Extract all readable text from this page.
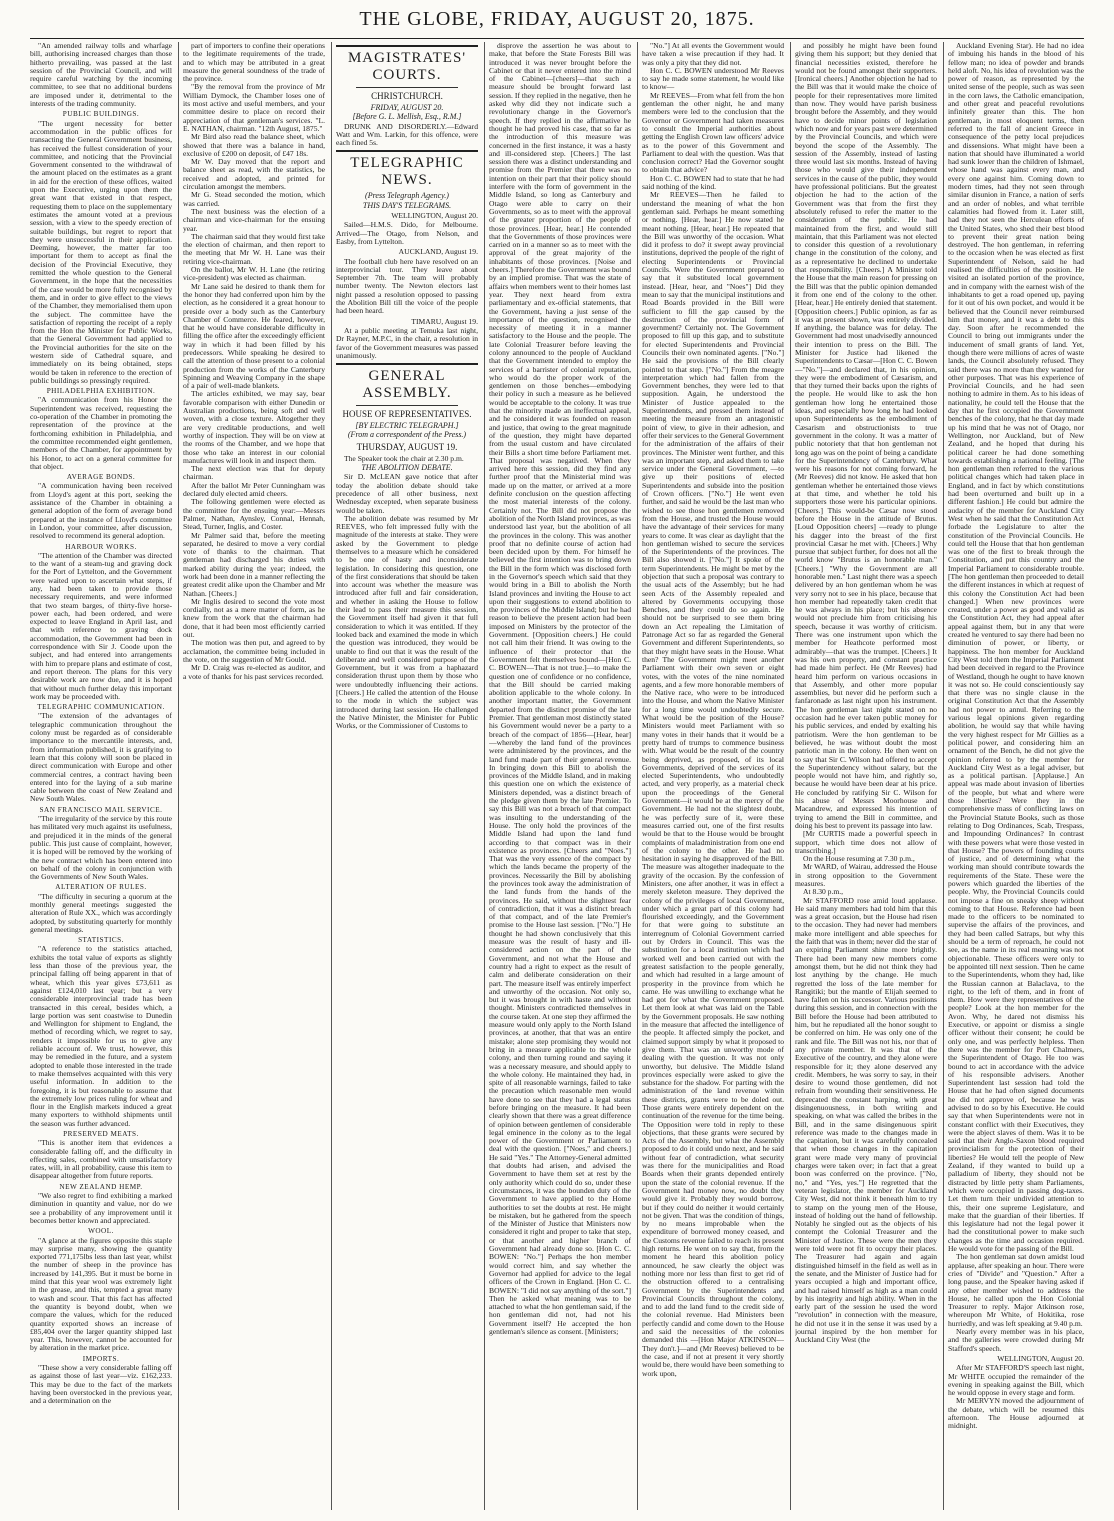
THE GLOBE, FRIDAY, AUGUST 20, 1875.

"An amended railway tolls and wharfage bill, authorising increased charges than those hitherto prevailing, was passed at the last session of the Provincial Council, and will require careful watching by the incoming committee, to see that no additional burdens are imposed under it, detrimental to the interests of the trading community.

PUBLIC BUILDINGS.

"The urgent necessity for better accommodation in the public offices for transacting the General Government business, has received the fullest consideration of your committee, and noticing that the Provincial Government consented to the withdrawal of the amount placed on the estimates as a grant in aid for the erection of these offices, waited upon the Executive, urging upon them the great want that existed in that respect, requesting them to place on the supplementary estimates the amount voted at a previous session, with a view to the speedy erection of suitable buildings, but regret to report that they were unsuccessful in their application. Deeming, however, the matter far too important for them to accept as final the decision of the Provincial Executive, they remitted the whole question to the General Government, in the hope that the necessities of the case would be more fully recognised by them, and in order to give effect to the views of the Chamber, they memorialised them upon the subject. The committee have the satisfaction of reporting the receipt of a reply from the Hon the Minister for Public Works, that the General Government had applied to the Provincial authorities for the site on the western side of Cathedral square, and immediately on its being obtained, steps would be taken in reference to the erection of public buildings so pressingly required.

PHILADELPHIA EXHIBITION.

"A communication from his Honor the Superintendent was received, requesting the co-operation of the Chamber in promoting the representation of the province at the forthcoming exhibition in Philadelphia, and the committee recommended eight gentlemen, members of the Chamber, for appointment by his Honor, to act on a general committee for that object.

AVERAGE BONDS.

"A communication having been received from Lloyd's agent at this port, seeking the assistance of the Chamber in obtaining a general adoption of the form of average bond prepared at the instance of Lloyd's committee in London, your committee, after discussion, resolved to recommend its general adoption.

HARBOUR WORKS.

"The attention of the Chamber was directed to the want of a steam-tug and graving dock for the Port of Lyttelton, and the Government were waited upon to ascertain what steps, if any, had been taken to provide those necessary requirements, and were informed that two steam barges, of thirty-five horse-power each, had been ordered, and were expected to leave England in April last, and that with reference to graving dock accommodation, the Government had been in correspondence with Sir J. Coode upon the subject, and had entered into arrangements with him to prepare plans and estimate of cost, and report thereon. The plans for this very desirable work are now due, and it is hoped that without much further delay this important work may be proceeded with.

TELEGRAPHIC COMMUNICATION.

"The extension of the advantages of telegraphic communication throughout the colony must be regarded as of considerable importance to the mercantile interests, and, from information published, it is gratifying to learn that this colony will soon be placed in direct communication with Europe and other commercial centres, a contract having been entered into for the laying of a sub marine cable between the coast of New Zealand and New South Wales.

SAN FRANCISCO MAIL SERVICE.

"The irregularity of the service by this route has militated very much against its usefulness, and prejudiced it in the minds of the general public. This just cause of complaint, however, it is hoped will be removed by the working of the new contract which has been entered into on behalf of the colony in conjunction with the Governments of New South Wales.

ALTERATION OF RULES.

"The difficulty in securing a quorum at the monthly general meetings suggested the alteration of Rule XX., which was accordingly adopted, by substituting quarterly for monthly general meetings.

STATISTICS.

"A reference to the statistics attached, exhibits the total value of exports as slightly less than those of the previous year, the principal falling off being apparent in that of wheat, which this year gives £73,611 as against £124,010 last year; but a very considerable interprovincial trade has been transacted in this cereal, besides which, a large portion was sent coastwise to Dunedin and Wellington for shipment to England, the method of recording which, we regret to say, renders it impossible for us to give any reliable account of. We trust, however, this may be remedied in the future, and a system adopted to enable those interested in the trade to make themselves acquainted with this very useful information. In addition to the foregoing, it is but reasonable to assume that the extremely low prices ruling for wheat and flour in the English markets induced a great many exporters to withhold shipments until the season was further advanced.

PRESERVED MEATS.

"This is another item that evidences a considerable falling off, and the difficulty in effecting sales, combined with unsatisfactory rates, will, in all probability, cause this item to disappear altogether from future reports.

NEW ZEALAND HEMP.

"We also regret to find exhibiting a marked diminution in quantity and value, nor do we see a probability of any improvement until it becomes better known and appreciated.

WOOL.

"A glance at the figures opposite this staple may surprise many, showing the quantity exported 771,175lbs less than last year, whilst the number of sheep in the province has increased by 141,395. But it must be borne in mind that this year wool was extremely light in the grease, and this, tempted a great many to wash and scour. That this fact has affected the quantity is beyond doubt, when we compare the values, which for the reduced quantity exported shows an increase of £85,404 over the larger quantity shipped last year. This, however, cannot be accounted for by alteration in the market price.

IMPORTS.

"These show a very considerable falling off as against those of last year—viz. £162,233. This may be due to the fact of the markets having been overstocked in the previous year, and a determination on the

part of importers to confine their operations to the legitimate requirements of the trade, and to which may be attributed in a great measure the general soundness of the trade of the province.

"By the removal from the province of Mr William Dymock, the Chamber loses one of its most active and useful members, and your committee desire to place on record their appreciation of that gentleman's services. "L. E. NATHAN, chairman. "12th August, 1875."

Mr Bird also read the balance sheet, which showed that there was a balance in hand, exclusive of £200 on deposit, of £47 18s.

Mr W. Day moved that the report and balance sheet as read, with the statistics, be received and adopted, and printed for circulation amongst the members.

Mr G. Stead seconded the motion, which was carried.

The next business was the election of a chairman and vice-chairman for the ensuing year.

The chairman said that they would first take the election of chairman, and then report to the meeting that Mr W. H. Lane was their retiring vice-chairman.

On the ballot, Mr W. H. Lane (the retiring vice-president) was elected as chairman.

Mr Lane said he desired to thank them for the honor they had conferred upon him by the election, as he considered it a great honour to preside over a body such as the Canterbury Chamber of Commerce. He feared, however, that he would have considerable difficulty in filling the office after the exceedingly efficient way in which it had been filled by his predecessors. While speaking he desired to call the attention of those present to a colonial production from the works of the Canterbury Spinning and Weaving Company in the shape of a pair of well-made blankets.

The articles exhibited, we may say, bear favorable comparison with either Dunedin or Australian productions, being soft and well woven, with a close texture. Altogether they are very creditable productions, and well worthy of inspection. They will be on view at the rooms of the Chamber, and we hope that those who take an interest in our colonial manufactures will look in and inspect them.

The next election was that for deputy chairman.

After the ballot Mr Peter Cunningham was declared duly elected amid cheers.

The following gentlemen were elected as the committee for the ensuing year:—Messrs Palmer, Nathan, Aynsley, Connal, Hennah, Stead, Turner, Inglis, and Coster.

Mr Palmer said that, before the meeting separated, he desired to move a very cordial vote of thanks to the chairman. That gentleman had discharged his duties with marked ability during the year; indeed, the work had been done in a manner reflecting the greatest credit alike upon the Chamber and Mr Nathan. [Cheers.]

Mr Inglis desired to second the vote most cordially, not as a mere matter of form, as he knew from the work that the chairman had done, that it had been most efficiently carried out.

The motion was then put, and agreed to by acclamation, the committee being included in the vote, on the suggestion of Mr Gould.

Mr D. Craig was re-elected as auditor, and a vote of thanks for his past services recorded.

MAGISTRATES' COURTS.
CHRISTCHURCH.
FRIDAY, AUGUST 20.
[Before G. L. Mellish, Esq., R.M.]

DRUNK AND DISORDERLY.—Edward Watt and Wm. Larkin, for this offence, were each fined 5s.

TELEGRAPHIC NEWS.
(Press Telegraph Agency.)
THIS DAY'S TELEGRAMS.
WELLINGTON, August 20.

Sailed—H.M.S. Dido, for Melbourne. Arrived—The Otago, from Nelson, and Easby, from Lyttelton.

AUCKLAND, August 19.

The football club here have resolved on an interprovincial tour. They leave about September 7th. The team will probably number twenty. The Newton electors last night passed a resolution opposed to passing the Abolition Bill till the voice of the people had been heard.

TIMARU, August 19.

At a public meeting at Temuka last night, Dr Rayner, M.P.C, in the chair, a resolution in favor of the Government measures was passed unanimously.

GENERAL ASSEMBLY.
HOUSE OF REPRESENTATIVES.
[BY ELECTRIC TELEGRAPH.]
(From a correspondent of the Press.)
THURSDAY, AUGUST 19.

The Speaker took the chair at 2.30 p.m.

THE ABOLITION DEBATE.

Sir D. McLEAN gave notice that after today the abolition debate should take precedence of all other business, next Wednesday excepted, when separate business would be taken.

The abolition debate was resumed by Mr REEVES, who felt impressed fully with the magnitude of the interests at stake. They were asked by the Government to pledge themselves to a measure which he considered to be one of hasty and inconsiderate legislation. In considering this question, one of the first considerations that should be taken into account was whether the measure was introduced after full and fair consideration, and whether in asking the House to follow their lead to pass their measure this session, the Government itself had given it that full consideration to which it was entitled. If they looked back and examined the mode in which the question was introduced, they would be unable to find out that it was the result of the deliberate and well considered purpose of the Government, but it was from a haphazard consideration thrust upon them by those who were undoubtedly influencing their actions. [Cheers.] He called the attention of the House to the mode in which the subject was introduced during last session. He challenged the Native Minister, the Minister for Public Works, or the Commissioner of Customs to

disprove the assertion he was about to make, that before the State Forests Bill was introduced it was never brought before the Cabinet or that it never entered into the mind of the Cabinet—[cheers]—that such a measure should be brought forward last session. If they replied in the negative, then he asked why did they not indicate such a revolutionary change in the Governor's speech. If they replied in the affirmative he thought he had proved his case, that so far as the introduction of this measure was concerned in the first instance, it was a hasty and ill-considered step. [Cheers.] The last session there was a distinct understanding and promise from the Premier that there was no intention on their part that their policy should interfere with the form of government in the Middle Island, so long as Canterbury and Otago were able to carry on their Governments, so as to meet with the approval of the greater proportion of the people of those provinces. [Hear, hear.] He contended that the Governments of those provinces were carried on in a manner so as to meet with the approval of the great majority of the inhabitants of those provinces. [Noise and cheers.] Therefore the Government was bound by an implied promise. That was the state of affairs when members went to their homes last year. They next heard from extra parliamentary and ex-official statements, that the Government, having a just sense of the importance of the question, recognised the necessity of meeting it in a manner satisfactory to the House and the people. The late Colonial Treasurer before leaving the colony announced to the people of Auckland that the Government intended to employ the services of a barrister of colonial reputation, who would do the proper work of the gentlemen on those benches—embodying their policy in such a measure as he believed would be acceptable to the colony. It was true that the minority made an ineffectual appeal, and he considered it was founded on reason and justice, that owing to the great magnitude of the question, they might have departed from the usual custom and have circulated their Bills a short time before Parliament met. That proposal was negatived. When they arrived here this session, did they find any further proof that the Ministerial mind was made up on the matter, or arrived at a more definite conclusion on the question affecting the most material interests of the colony. Certainly not. The Bill did not propose the abolition of the North Island provinces, as was understood last year, but the abolition of all the provinces in the colony. This was another proof that no definite course of action had been decided upon by them. For himself he believed the first intention was to bring down the Bill in the form which was disclosed forth in the Governor's speech which said that they would bring in a Bill to abolish the North Island provinces and inviting the House to act upon their suggestions to extend abolition to the provinces of the Middle Island; but he had reason to believe the present action had been imposed on Ministers by the protector of the Government. [Opposition cheers.] He could not call him their friend. It was owing to the influence of their protector that the Government felt themselves bound—[Hon C. C. BOWEN—That is not true.]—to make the question one of confidence or no confidence, that the Bill should be carried making abolition applicable to the whole colony. In another important matter, the Government departed from the distinct promise of the late Premier. That gentleman most distinctly stated his Government would never be a party to a breach of the compact of 1856—[Hear, hear]—whereby the land fund of the provinces were administered by the provinces, and the land fund made part of their general revenue. In bringing down this Bill to abolish the provinces of the Middle Island, and in making this question one on which the existence of Ministers depended, was a distinct breach of the pledge given them by the late Premier. To say this Bill was not a breach of that compact was insulting to the understanding of the House. The only hold the provinces of the Middle Island had upon the land fund according to that compact was in their existence as provinces. [Cheers and "Noes."] That was the very essence of the compact by which the lands became the property of the provinces. Necessarily the Bill by abolishing the provinces took away the administration of the land funds from the hands of the provinces. He said, without the slightest fear of contradiction, that it was a distinct breach of that compact, and of the late Premier's promise to the House last session. ["No."] He thought he had shown conclusively that this measure was the result of hasty and ill-considered action on the part of the Government, and not what the House and country had a right to expect as the result of calm and deliberate consideration on their part. The measure itself was entirely imperfect and unworthy of the occasion. Not only so, but it was brought in with haste and without thought. Ministers contradicted themselves in the course taken. At one step they affirmed the measure would only apply to the North Island provinces, at another, that that was an entire mistake; alone step promising they would not bring in a measure applicable to the whole colony, and then turning round and saying it was a necessary measure, and should apply to the whole colony. He maintained they had, in spite of all reasonable warnings, failed to take the precaution which reasonable men would have done to see that they had a legal status before bringing on the measure. It had been clearly shown that there was a great difference of opinion between gentlemen of considerable legal eminence in the colony as to the legal power of the Government or Parliament to deal with the question. ["Noes," and cheers.] He said "Yes." The Attorney-General admitted that doubts had arisen, and advised the Government to have them set at rest by the only authority which could do so, under these circumstances, it was the bounden duty of the Government to have applied to the Home authorities to set the doubts at rest. He might be mistaken, but he gathered from the speech of the Minister of Justice that Ministers now considered it right and proper to take that step, or that another and higher branch of Government had already done so. [Hon C. C. BOWEN: "No."] Perhaps the hon member would correct him, and say whether the Governor had applied for advice to the legal officers of the Crown in England. [Hon C. C. BOWEN: "I did not say anything of the sort."] Then he asked what meaning was to be attached to what the hon gentleman said, if the hon gentleman did not, had not his Government itself? He accepted the hon gentleman's silence as consent. [Ministers;

"No."] At all events the Government would have taken a wise precaution if they had. It was only a pity that they did not.

Hon C. C. BOWEN understood Mr Reeves to say he made some statement, he would like to know—

Mr REEVES—From what fell from the hon gentleman the other night, he and many members were led to the conclusion that the Governor or Government had taken measures to consult the Imperial authorities about getting the English Crown law officers' advice as to the power of this Government and Parliament to deal with the question. Was that conclusion correct? Had the Governor sought to obtain that advice?

Hon C. C. BOWEN had to state that he had said nothing of the kind.

Mr REEVES—Then he failed to understand the meaning of what the hon gentleman said. Perhaps he meant something or nothing. [Hear, hear.] He now stated he meant nothing. [Hear, hear.] He repeated that the Bill was unworthy of the occasion. What did it profess to do? it swept away provincial institutions, deprived the people of the right of electing Superintendents or Provincial Councils. Were the Government prepared to say that it substituted local government instead. [Hear, hear, and "Noes"] Did they mean to say that the municipal institutions and Road Boards provided in the Bill were sufficient to fill the gap caused by the destruction of the provincial form of government? Certainly not. The Government proposed to fill up this gap, and to substitute for elected Superintendents and Provincial Councils their own nominated agents. ["No."] He said the provisions of the Bill clearly pointed to that step. ["No."] From the meagre interpretation which had fallen from the Government benches, they were led to that supposition. Again, he understood the Minister of Justice appealed to the Superintendents, and pressed them instead of meeting the measure from an antagonistic point of view, to give in their adhesion, and offer their services to the General Government for the administration of the affairs of their provinces. The Minister went further, and this was an important step, and asked them to take service under the General Government, —to give up their positions of elected Superintendents and subside into the position of Crown officers. ["No."] He went even further, and said he would be the last man who wished to see those hon gentlemen removed from the House, and trusted the House would have the advantage of their services for many years to come. It was clear as daylight that the hon gentleman wished to secure the services of the Superintendents of the provinces. The Bill also showed it. ["No."] It spoke of the term Superintendents. He might be met by the objection that such a proposal was contrary to the usual acts of the Assembly; but he had seen Acts of the Assembly repealed and altered by Governments occupying those Benches, and they could do so again. He should not be surprised to see them bring down an Act repealing the Limitation of Patronage Act so far as regarded the General Government and different Superintendents, so that they might have seats in the House. What then? The Government might meet another Parliament with their own seven or eight votes, with the votes of the nine nominated agents, and a few more honorable members of the Native race, who were to be introduced into the House, and whom the Native Minister for a long time would undoubtedly secure. What would be the position of the House? Ministers would meet Parliament with so many votes in their hands that it would be a pretty hard of trumps to commence business with. What would be the result of the country being deprived, as proposed, of its local Governments, deprived of the services of its elected Superintendents, who undoubtedly acted, and very properly, as a material check upon the proceedings of the General Government—it would be at the mercy of the Government. He had not the slightest doubt, he was perfectly sure of it, were these measures carried out, one of the first results would be that to the House would be brought complaints of maladministration from one end of the colony to the other. He had no hesitation in saying he disapproved of the Bill. The measure was altogether inadequate to the gravity of the occasion. By the confession of Ministers, one after another, it was in effect a merely skeleton measure. They deprived the colony of the privileges of local Government, under which a great part of this colony had flourished exceedingly, and the Government for that were going to substitute an interregnum of Colonial Government carried out by Orders in Council. This was the substitution for a local institution which had worked well and been carried out with the greatest satisfaction to the people generally, and which had resulted in a large amount of prosperity in the province from which he came. He was unwilling to exchange what he had got for what the Government proposed. Let them look at what was laid on the Table by the Government proposals. He saw nothing in the measure that affected the intelligence of the people. It affected simply the pocket, and claimed support simply by what it proposed to give them. That was an unworthy mode of dealing with the question. It was not only unworthy, but delusive. The Middle Island provinces especially were asked to give the substance for the shadow. For parting with the administration of the land revenue within these districts, grants were to be doled out. Those grants were entirely dependent on the continuation of the revenue for the time being. The Opposition were told in reply to these objections, that these grants were secured by Acts of the Assembly, but what the Assembly proposed to do it could undo next, and he said without fear of contradiction, what security was there for the municipalities and Road Boards when their grants depended entirely upon the state of the colonial revenue. If the Government had money now, no doubt they would give it. Probably they would borrow, but if they could do neither it would certainly not be given. That was the condition of things, by no means improbable when the expenditure of borrowed money ceased, and the Customs revenue failed to reach its present high returns. He went on to say that, from the moment he heard this abolition policy announced, he saw clearly the object was nothing more nor less than first to get rid of the obstruction offered to a centralising Government by the Superintendents and Provincial Councils throughout the colony, and to add the land fund to the credit side of the colonial revenue. Had Ministers been perfectly candid and come down to the House and said the necessities of the colonies demanded this —[Hon Major ATKINSON—They don't.]—and (Mr Reeves) believed to be the case, and if not at present it very shortly would be, there would have been something to work upon,

and possibly he might have been found giving them his support; but they denied that financial necessities existed, therefore he would not be found amongst their supporters. [Ironical cheers.] Another objection he had to the Bill was that it would make the choice of people for their representatives more limited than now. They would have parish business brought before the Assembly, and they would have to decide minor points of legislation which now and for years past were determined by the Provincial Councils, and which were beyond the scope of the Assembly. The session of the Assembly, instead of lasting three would last six months. Instead of having those who would give their independent services in the cause of the public, they would have professional politicians. But the greatest objection he had to the action of the Government was that from the first they absolutely refused to refer the matter to the consideration of the public. He had maintained from the first, and would still maintain, that this Parliament was not elected to consider this question of a revolutionary change in the constitution of the colony, and as a representative he declined to undertake that responsibility. [Cheers.] A Minister told the House that the main reason for pressing on the Bill was that the public opinion demanded it from one end of the colony to the other. [Hear, hear.] He entirely denied that statement. [Opposition cheers.] Public opinion, as far as it was at present shown, was entirely divided. If anything, the balance was for delay. The Government had most unadvisedly announced their intention to press on the Bill. The Minister for Justice had likened the Superintendents to Cæsar—[Hon C. C. Bowen—"No."]—and declared that, in his opinion, they were the embodiment of Cæsarism, and that they turned their backs upon the rights of the people. He would like to ask the hon gentleman how long he entertained those ideas, and especially how long he had looked upon Superintendents as the embodiment of Cæsarism and obstructionists to true government in the colony. It was a matter of public notoriety that that hon gentleman not long ago was on the point of being a candidate for the Superintendency of Canterbury. What were his reasons for not coming forward, he (Mr Reeves) did not know. He asked that hon gentleman whether he entertained those views at that time, and whether he told his supporters those were his particular opinions. [Cheers.] This would-be Cæsar now stood before the House in the attitude of Brutus. [Loud Opposition cheers] —ready to plunge his dagger into the breast of the first provincial Cæsar he met with. [Cheers.] Why pursue that subject further, for does not all the world know "Brutus is an honorable man." [Cheers.] "Why the Government are all honorable men." Last night there was a speech delivered by an hon gentleman whom he was very sorry not to see in his place, because that hon member had repeatedly taken credit that he was always in his place; but his absence would not preclude him from criticising his speech, because it was worthy of criticism. There was one instrument upon which the member for Heathcote performed most admirably—that was the trumpet. [Cheers.] It was his own property, and constant practice had made him perfect. He (Mr Reeves) had heard him perform on various occasions in that Assembly, and other more popular assemblies, but never did he perform such a fanfaronade as last night upon his instrument. The hon gentleman last night stated on no occasion had he ever taken public money for his public services, and ended by exalting his patriotism. Were the hon gentleman to be believed, he was without doubt the most patriotic man in the colony. He then went on to say that Sir C. Wilson had offered to accept the Superintendency without salary, but the people would not have him, and rightly so, because he would have been dear at his price. He concluded by ratifying Sir C. Wilson for his abuse of Messrs Moorhouse and Macandrew, and expressed his intention of trying to amend the Bill in committee, and doing his best to prevent its passage into law.

[Mr CURTIS made a powerful speech in support, which time does not allow of transcribing.]

On the House resuming at 7.30 p.m.,

Mr WARD, of Wairau, addressed the House in strong opposition to the Government measures.

At 8.30 p.m.,

Mr STAFFORD rose amid loud applause. He said many members had told him that this was a great occasion, but the House had risen to the occasion. They had never had members make more intelligent and able speeches for the faith that was in them; never did the star of an expiring Parliament shine more brightly. There had been many new members come amongst them, but he did not think they had lost anything by the change. He much regretted the loss of the late member for Rangitiki; but the mantle of Elijah seemed to have fallen on his successor. Various positions during this session, and in connection with the Bill before the House had been attributed to him, but he repudiated all the honor sought to be conferred on him. He was only one of the rank and file. The Bill was not his, nor that of any private member. It was that of the Executive of the country, and they alone were responsible for it; they alone deserved any credit. Members, he was sorry to say, in their desire to wound those gentlemen, did not refrain from wounding their sensitiveness. He deprecated the constant harping, with great disingenuousness, in both writing and speaking, on what was called the bribes in the Bill, and in the same disingenuous spirit reference was made to the changes made in the capitation, but it was carefully concealed that when those changes in the capitation grant were made very many of provincial charges were taken over; in fact that a great boon was conferred on the province. ["No, no," and "Yes, yes."] He regretted that the veteran legislator, the member for Auckland City West, did not think it beneath him to try to stamp on the young men of the House, instead of holding out the hand of fellowship. Notably he singled out as the objects of his contempt the Colonial Treasurer and the Minister of Justice. These were the men they were told were not fit to occupy their places. The Treasurer had again and again distinguished himself in the field as well as in the senate, and the Minister of Justice had for years occupied a high and important office, and had raised himself as high as a man could by his integrity and high ability. When in the early part of the session he used the word "revolution" in connection with the measure, he did not use it in the sense it was used by a journal inspired by the hon member for Auckland City West (the

Auckland Evening Star). He had no idea of imbuing his hands in the blood of his fellow man; no idea of powder and brands held aloft. No, his idea of revolution was the power of reason, as represented by the united sense of the people, such as was seen in the corn laws, the Catholic emancipation, and other great and peaceful revolutions infinitely greater than this. The hon gentleman, in most eloquent terms, then referred to the fall of ancient Greece in consequence of the petty local prejudices and dissensions. What might have been a nation that should have illuminated a world had sunk lower than the children of Ishmael, whose hand was against every man, and every one against him. Coming down to modern times, had they not seen through similar disunion in France, a nation of serfs and an order of nobles, and what terrible calamities had flowed from it. Later still, had they not seen the Herculean efforts of the United States, who shed their best blood to prevent their great nation being destroyed. The hon gentleman, in referring to the occasion when he was elected as first Superintendent of Nelson, said he had realised the difficulties of the position. He visited an isolated portion of the province, and in company with the earnest wish of the inhabitants to get a road opened up, paying for it out of his own pocket, and would it be believed that the Council never reimbursed him that money, and it was a debt to this day. Soon after he recommended the Council to bring out immigrants under the inducement of small grants of land. Yet, though there were millions of acres of waste lands, the Council absolutely refused. They said there was no more than they wanted for other purposes. That was his experience of Provincial Councils, and he had seen nothing to admire in them. As to his ideas of nationality, he could tell the House that the day that he first occupied the Government benches of the colony, that he that day made up his mind that he was not of Otago, nor Wellington, nor Auckland, but of New Zealand, and he hoped that during his political career he had done something towards establishing a national feeling. [The hon gentleman then referred to the various political changes which had taken place in England, and in fact by which constitutions had been overturned and built up in a different fashion.] He could but admire the audacity of the member for Auckland City West when he said that the Constitution Act forbade the Legislature to alter the constitution of the Provincial Councils. He could tell the House that that hon gentleman was one of the first to break through the Constitution, and put this country and the Imperial Parliament to considerable trouble. [The hon gentleman then proceeded to detail the different instances in which at request of this colony the Constitution Act had been changed.] When new provinces were created, under a power as good and valid as the Constitution Act, they had appeal after appeal against them, but in any that were created he ventured to say there had been no diminution of power, or liberty, or happiness. The hon member for Auckland City West told them the Imperial Parliament had been deceived in regard to the Province of Westland, though he ought to have known it was not so. He could conscientiously say that there was no single clause in the original Constitution Act that the Assembly had not power to annul. Referring to the various legal opinions given regarding abolition, he would say that while having the very highest respect for Mr Gillies as a political power, and considering him an ornament of the Bench, he did not give the opinion referred to by the member for Auckland City West as a legal adviser, but as a political partisan. [Applause.] An appeal was made about invasion of liberties of the people, but what and where were those liberties? Were they in the comprehensive mass of conflicting laws on the Provincial Statute Books, such as those relating to Dog Ordinances, Scab, Trespass, and Impounding Ordinances? In contrast with these powers what were those vested in that House? The powers of founding courts of justice, and of determining what the working man should contribute towards the requirements of the State. These were the powers which guarded the liberties of the people. Why, the Provincial Councils could not impose a fine on sneaky sheep without coming to that House. Reference had been made to the officers to be nominated to supervise the affairs of the provinces, and they had been called Satraps, but why this should be a term of reproach, he could not see, as the name in its real meaning was not objectionable. These officers were only to be appointed till next session. Then he came to the Superintendents, whom they had, like the Russian cannon at Balaclava, to the right, to the left of them, and in front of them. How were they representatives of the people? Look at the hon member for the Avon. Why, he dared not dismiss his Executive, or appoint or dismiss a single officer without their consent; he could be only one, and was perfectly helpless. Then there was the member for Port Chalmers, the Superintendent of Otago. He too was bound to act in accordance with the advice of his responsible advisers. Another Superintendent last session had told the House that he had often signed documents he did not approve of, because he was advised to do so by his Executive. He could say that when Superintendents were not in constant conflict with their Executives, they were the abject slaves of them. Was it to be said that their Anglo-Saxon blood required provincialism for the protection of their liberties? He would tell the people of New Zealand, if they wanted to build up a palladium of liberty, they should not be distracted by little petty sham Parliaments, which were occupied in passing dog-taxes. Let them turn their undivided attention to this, their one supreme Legislature, and make that the guardian of their liberties. If this legislature had not the legal power it had the constitutional power to make such changes as the time and occasion required. He would vote for the passing of the Bill.

The hon gentleman sat down amidst loud applause, after speaking an hour. There were cries of "Divide" and "Question." After a long pause, and the Speaker having asked if any other member wished to address the House, he called upon the Hon Colonial Treasurer to reply. Major Atkinson rose, whereupon Mr White, of Hokitika, rose hurriedly, and was left speaking at 9.40 p.m.

Nearly every member was in his place, and the galleries were crowded during Mr Stafford's speech.

WELLINGTON, August 20.

After Mr STAFFORD'S speech last night, Mr WHITE occupied the remainder of the evening in speaking against the Bill, which he would oppose in every stage and form.

Mr MERVYN moved the adjournment of the debate, which will be resumed this afternoon. The House adjourned at midnight.
